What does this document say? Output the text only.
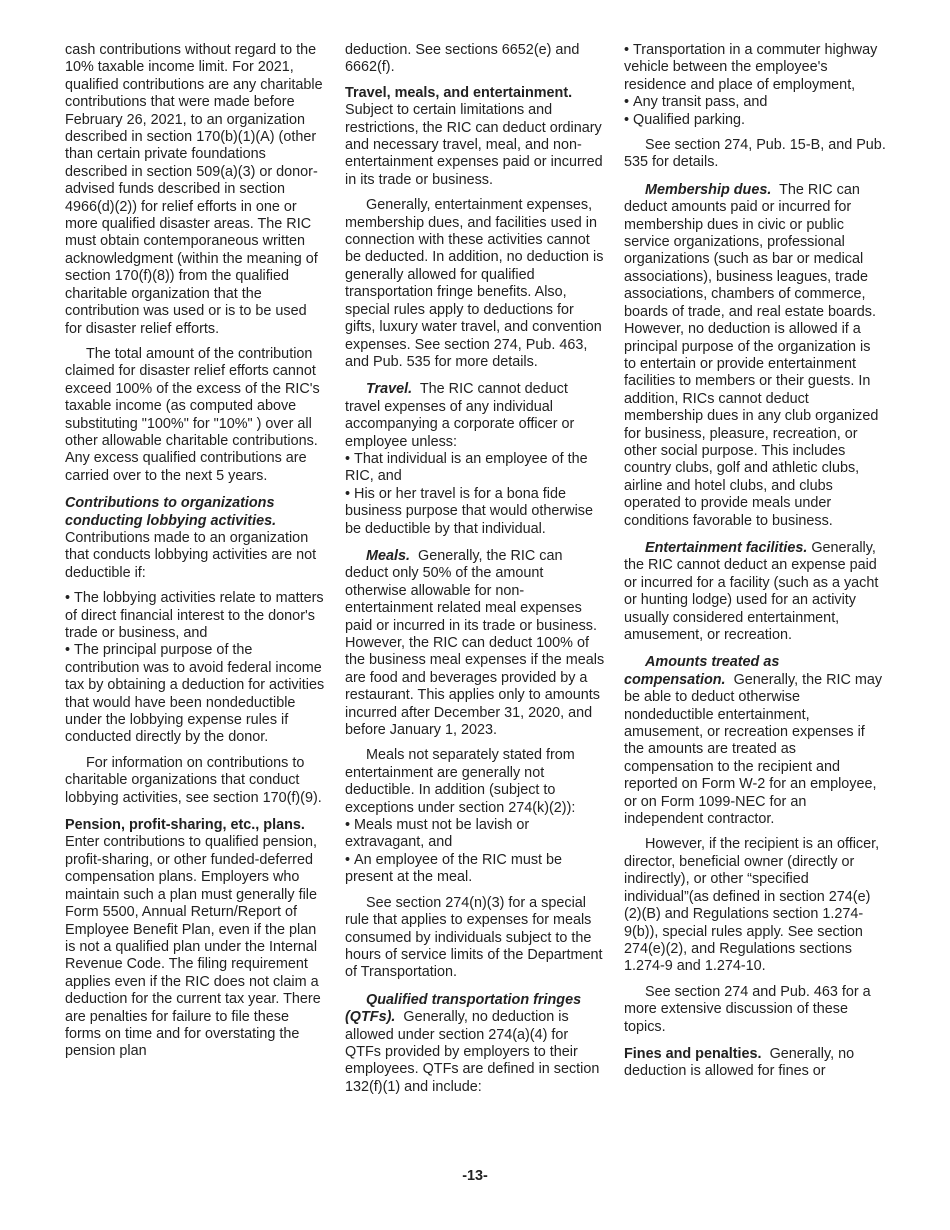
cash contributions without regard to the 10% taxable income limit. For 2021, qualified contributions are any charitable contributions that were made before February 26, 2021, to an organization described in section 170(b)(1)(A) (other than certain private foundations described in section 509(a)(3) or donor-advised funds described in section 4966(d)(2)) for relief efforts in one or more qualified disaster areas. The RIC must obtain contemporaneous written acknowledgment (within the meaning of section 170(f)(8)) from the qualified charitable organization that the contribution was used or is to be used for disaster relief efforts.

The total amount of the contribution claimed for disaster relief efforts cannot exceed 100% of the excess of the RIC's taxable income (as computed above substituting "100%" for "10%" ) over all other allowable charitable contributions. Any excess qualified contributions are carried over to the next 5 years.

Contributions to organizations conducting lobbying activities. Contributions made to an organization that conducts lobbying activities are not deductible if:

• The lobbying activities relate to matters of direct financial interest to the donor's trade or business, and
• The principal purpose of the contribution was to avoid federal income tax by obtaining a deduction for activities that would have been nondeductible under the lobbying expense rules if conducted directly by the donor.

For information on contributions to charitable organizations that conduct lobbying activities, see section 170(f)(9).

Pension, profit-sharing, etc., plans. Enter contributions to qualified pension, profit-sharing, or other funded-deferred compensation plans. Employers who maintain such a plan must generally file Form 5500, Annual Return/Report of Employee Benefit Plan, even if the plan is not a qualified plan under the Internal Revenue Code. The filing requirement applies even if the RIC does not claim a deduction for the current tax year. There are penalties for failure to file these forms on time and for overstating the pension plan

deduction. See sections 6652(e) and 6662(f).

Travel, meals, and entertainment. Subject to certain limitations and restrictions, the RIC can deduct ordinary and necessary travel, meal, and non-entertainment expenses paid or incurred in its trade or business.

Generally, entertainment expenses, membership dues, and facilities used in connection with these activities cannot be deducted. In addition, no deduction is generally allowed for qualified transportation fringe benefits. Also, special rules apply to deductions for gifts, luxury water travel, and convention expenses. See section 274, Pub. 463, and Pub. 535 for more details.

Travel. The RIC cannot deduct travel expenses of any individual accompanying a corporate officer or employee unless:

• That individual is an employee of the RIC, and
• His or her travel is for a bona fide business purpose that would otherwise be deductible by that individual.

Meals. Generally, the RIC can deduct only 50% of the amount otherwise allowable for non-entertainment related meal expenses paid or incurred in its trade or business. However, the RIC can deduct 100% of the business meal expenses if the meals are food and beverages provided by a restaurant. This applies only to amounts incurred after December 31, 2020, and before January 1, 2023.

Meals not separately stated from entertainment are generally not deductible. In addition (subject to exceptions under section 274(k)(2)):

• Meals must not be lavish or extravagant, and
• An employee of the RIC must be present at the meal.

See section 274(n)(3) for a special rule that applies to expenses for meals consumed by individuals subject to the hours of service limits of the Department of Transportation.

Qualified transportation fringes (QTFs). Generally, no deduction is allowed under section 274(a)(4) for QTFs provided by employers to their employees. QTFs are defined in section 132(f)(1) and include:

• Transportation in a commuter highway vehicle between the employee's residence and place of employment,
• Any transit pass, and
• Qualified parking.

See section 274, Pub. 15-B, and Pub. 535 for details.

Membership dues. The RIC can deduct amounts paid or incurred for membership dues in civic or public service organizations, professional organizations (such as bar or medical associations), business leagues, trade associations, chambers of commerce, boards of trade, and real estate boards. However, no deduction is allowed if a principal purpose of the organization is to entertain or provide entertainment facilities to members or their guests. In addition, RICs cannot deduct membership dues in any club organized for business, pleasure, recreation, or other social purpose. This includes country clubs, golf and athletic clubs, airline and hotel clubs, and clubs operated to provide meals under conditions favorable to business.

Entertainment facilities. Generally, the RIC cannot deduct an expense paid or incurred for a facility (such as a yacht or hunting lodge) used for an activity usually considered entertainment, amusement, or recreation.

Amounts treated as compensation. Generally, the RIC may be able to deduct otherwise nondeductible entertainment, amusement, or recreation expenses if the amounts are treated as compensation to the recipient and reported on Form W-2 for an employee, or on Form 1099-NEC for an independent contractor.

However, if the recipient is an officer, director, beneficial owner (directly or indirectly), or other “specified individual”(as defined in section 274(e)(2)(B) and Regulations section 1.274-9(b)), special rules apply. See section 274(e)(2), and Regulations sections 1.274-9 and 1.274-10.

See section 274 and Pub. 463 for a more extensive discussion of these topics.

Fines and penalties. Generally, no deduction is allowed for fines or

-13-
